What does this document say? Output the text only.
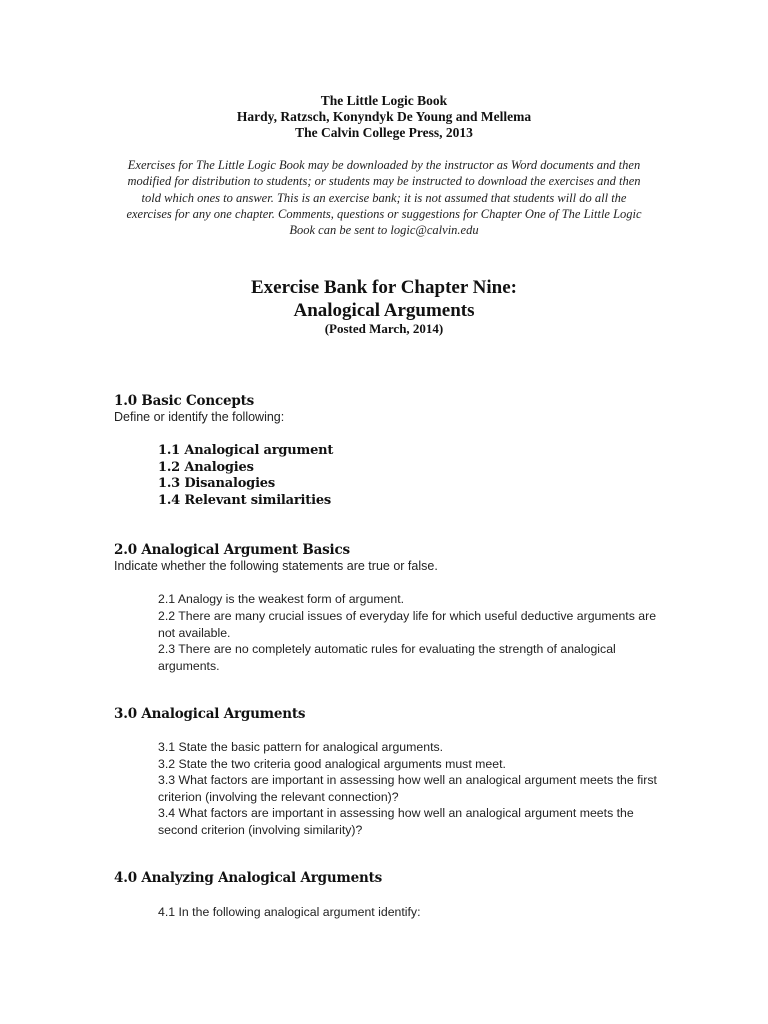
The Little Logic Book
Hardy, Ratzsch, Konyndyk De Young and Mellema
The Calvin College Press, 2013
Exercises for The Little Logic Book may be downloaded by the instructor as Word documents and then modified for distribution to students; or students may be instructed to download the exercises and then told which ones to answer. This is an exercise bank; it is not assumed that students will do all the exercises for any one chapter. Comments, questions or suggestions for Chapter One of The Little Logic Book can be sent to logic@calvin.edu
Exercise Bank for Chapter Nine:
Analogical Arguments
(Posted March, 2014)
1.0 Basic Concepts
Define or identify the following:
1.1 Analogical argument
1.2 Analogies
1.3 Disanalogies
1.4 Relevant similarities
2.0 Analogical Argument Basics
Indicate whether the following statements are true or false.
2.1 Analogy is the weakest form of argument.
2.2 There are many crucial issues of everyday life for which useful deductive arguments are not available.
2.3 There are no completely automatic rules for evaluating the strength of analogical arguments.
3.0 Analogical Arguments
3.1 State the basic pattern for analogical arguments.
3.2 State the two criteria good analogical arguments must meet.
3.3 What factors are important in assessing how well an analogical argument meets the first criterion (involving the relevant connection)?
3.4 What factors are important in assessing how well an analogical argument meets the second criterion (involving similarity)?
4.0 Analyzing Analogical Arguments
4.1 In the following analogical argument identify:
